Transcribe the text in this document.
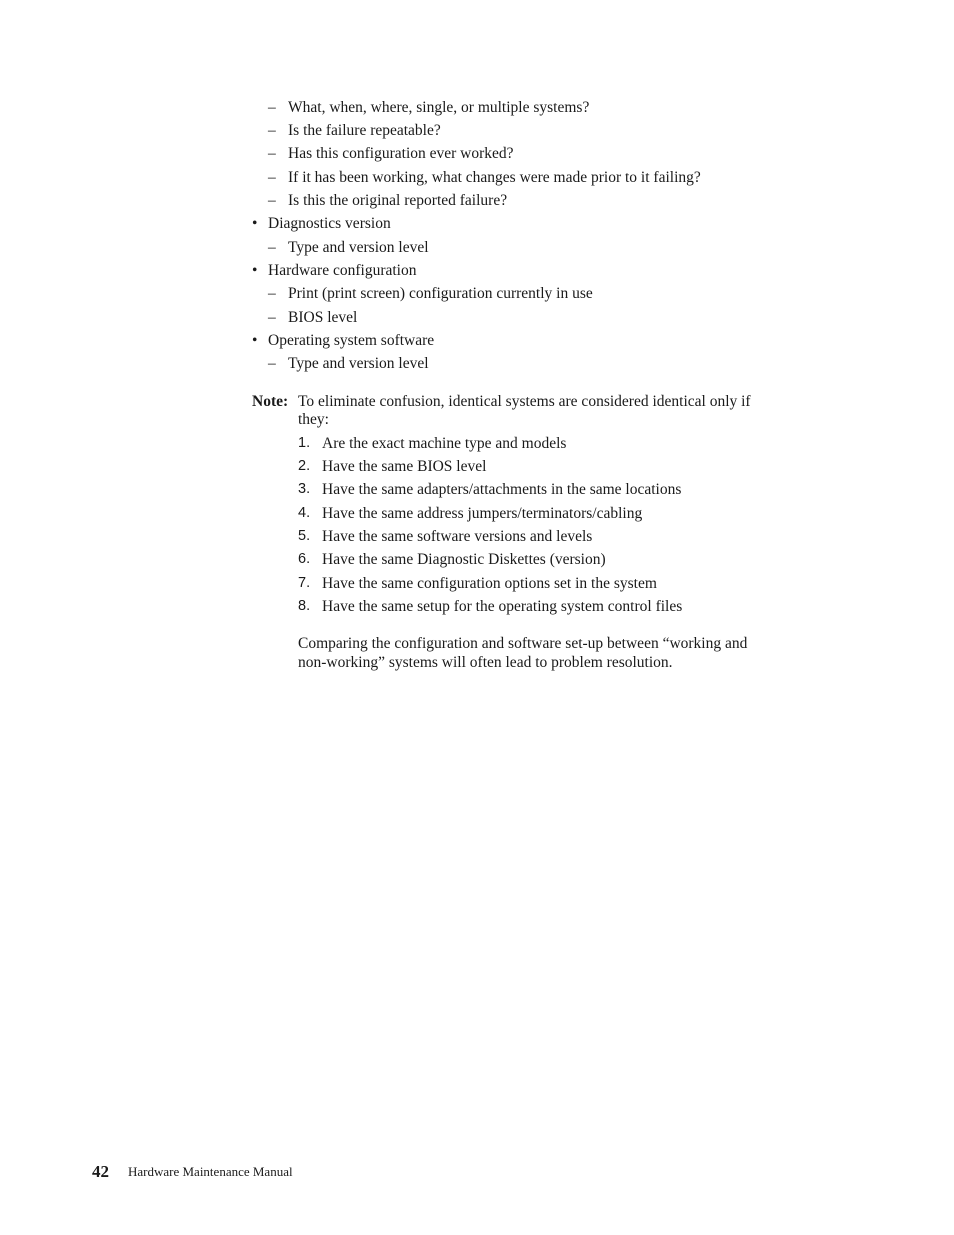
– What, when, where, single, or multiple systems?
– Is the failure repeatable?
– Has this configuration ever worked?
– If it has been working, what changes were made prior to it failing?
– Is this the original reported failure?
• Diagnostics version
– Type and version level
• Hardware configuration
– Print (print screen) configuration currently in use
– BIOS level
• Operating system software
– Type and version level
Note: To eliminate confusion, identical systems are considered identical only if
they:
1. Are the exact machine type and models
2. Have the same BIOS level
3. Have the same adapters/attachments in the same locations
4. Have the same address jumpers/terminators/cabling
5. Have the same software versions and levels
6. Have the same Diagnostic Diskettes (version)
7. Have the same configuration options set in the system
8. Have the same setup for the operating system control files
Comparing the configuration and software set-up between “working and
non-working” systems will often lead to problem resolution.
42 Hardware Maintenance Manual
